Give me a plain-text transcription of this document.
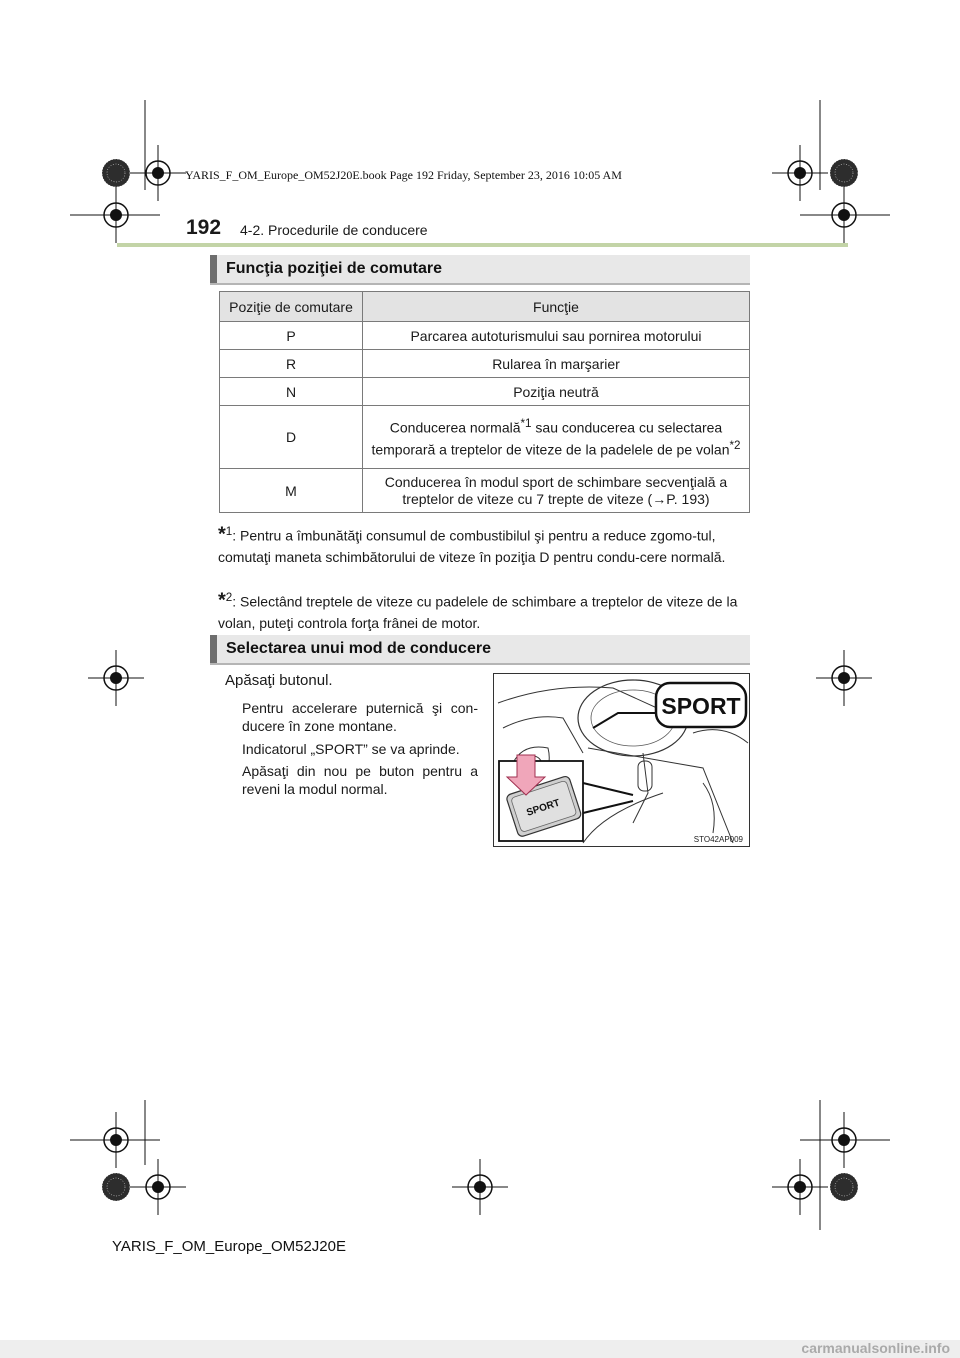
YARIS_F_OM_Europe_OM52J20E.book Page 192 Friday, September 23, 2016 10:05 AM
192 4-2. Procedurile de conducere
Funcţia poziţiei de comutare
Poziţie de comutare	Funcţie
P	Parcarea autoturismului sau pornirea motorului
R	Rularea în marşarier
N	Poziţia neutră
D	Conducerea normală$^{*1}$ sau conducerea cu selectarea temporară a treptelor de viteze de la padelele de pe volan$^{*2}$
M	Conducerea în modul sport de schimbare secvenţială a treptelor de viteze cu 7 trepte de viteze (→P. 193)
*$^1$: Pentru a îmbunătăţi consumul de combustibilul şi pentru a reduce zgomo-tul, comutaţi maneta schimbătorului de viteze în poziţia D pentru condu-cere normală.
*$^2$: Selectând treptele de viteze cu padelele de schimbare a treptelor de viteze de la volan, puteţi controla forţa frânei de motor.
Selectarea unui mod de conducere
Apăsaţi butonul.
Pentru accelerare puternică şi con-ducere în zone montane.
Indicatorul „SPORT” se va aprinde.
Apăsaţi din nou pe buton pentru a reveni la modul normal.
SPORT
SPORT
STO42AP009
YARIS_F_OM_Europe_OM52J20E
carmanualsonline.info
